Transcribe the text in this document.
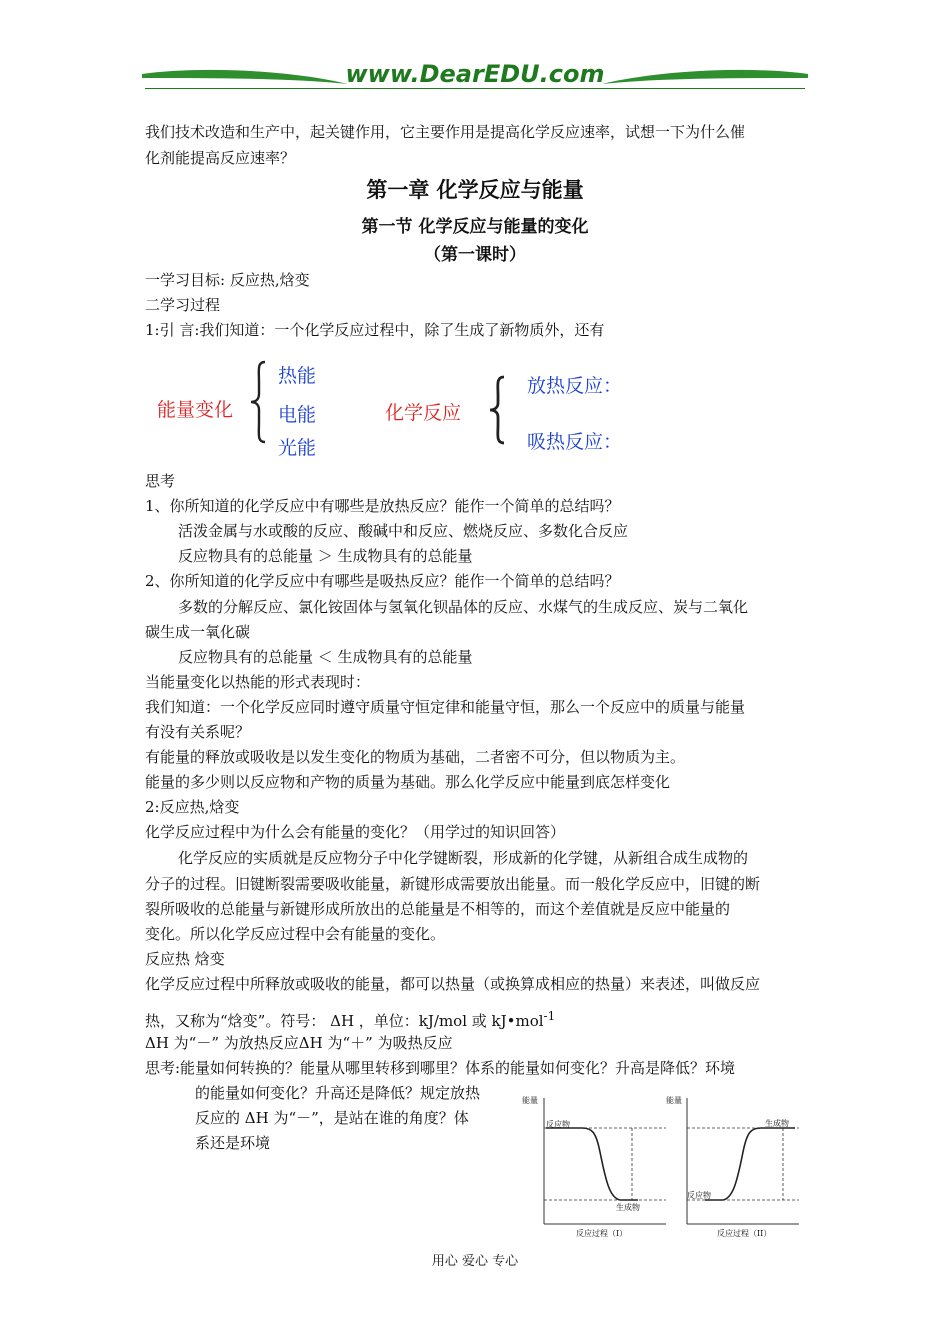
www.DearEDU.com
我们技术改造和生产中，起关键作用，它主要作用是提高化学反应速率，试想一下为什么催
化剂能提高反应速率？
第一章 化学反应与能量
第一节 化学反应与能量的变化
（第一课时）
一学习目标: 反应热,焓变
二学习过程
1:引 言:我们知道：一个化学反应过程中，除了生成了新物质外，还有
能量变化
热能
电能
光能
化学反应
放热反应：
吸热反应：
思考
1、你所知道的化学反应中有哪些是放热反应？能作一个简单的总结吗？
活泼金属与水或酸的反应、酸碱中和反应、燃烧反应、多数化合反应
反应物具有的总能量 ＞ 生成物具有的总能量
2、你所知道的化学反应中有哪些是吸热反应？能作一个简单的总结吗？
多数的分解反应、氯化铵固体与氢氧化钡晶体的反应、水煤气的生成反应、炭与二氧化
碳生成一氧化碳
反应物具有的总能量 ＜ 生成物具有的总能量
当能量变化以热能的形式表现时：
我们知道：一个化学反应同时遵守质量守恒定律和能量守恒，那么一个反应中的质量与能量
有没有关系呢？
有能量的释放或吸收是以发生变化的物质为基础，二者密不可分，但以物质为主。
能量的多少则以反应物和产物的质量为基础。那么化学反应中能量到底怎样变化
2:反应热,焓变
化学反应过程中为什么会有能量的变化？（用学过的知识回答）
化学反应的实质就是反应物分子中化学键断裂，形成新的化学键，从新组合成生成物的
分子的过程。旧键断裂需要吸收能量，新键形成需要放出能量。而一般化学反应中，旧键的断
裂所吸收的总能量与新键形成所放出的总能量是不相等的，而这个差值就是反应中能量的
变化。所以化学反应过程中会有能量的变化。
反应热 焓变
化学反应过程中所释放或吸收的能量，都可以热量（或换算成相应的热量）来表述，叫做反应
热，又称为“焓变”。符号： ΔH ，单位：kJ/mol 或 kJ•mol$^{-1}$
ΔH 为“－” 为放热反应ΔH 为“＋” 为吸热反应
思考:能量如何转换的？能量从哪里转移到哪里？体系的能量如何变化？升高是降低？环境
的能量如何变化？升高还是降低？规定放热
反应的 ΔH 为“－”，是站在谁的角度？体
系还是环境
能量
反应物
生成物
反应过程（I）
能量
反应物
生成物
反应过程（II）
用心 爱心 专心
